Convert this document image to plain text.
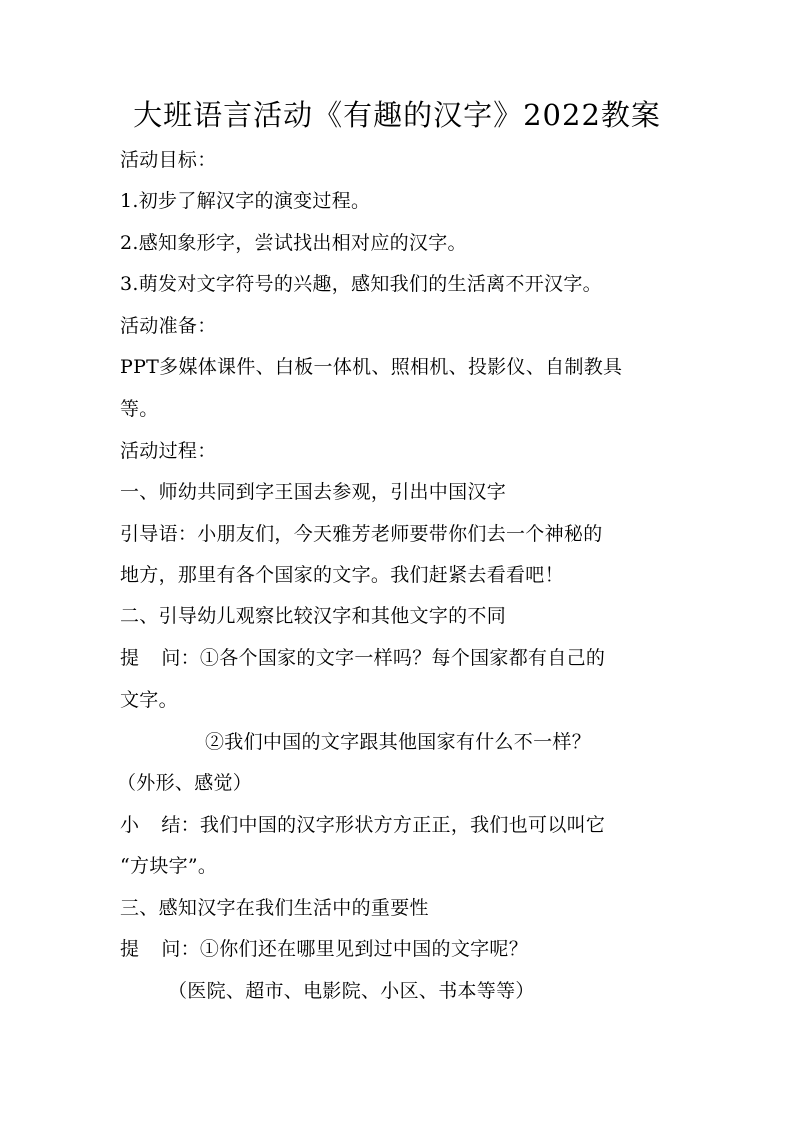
大班语言活动《有趣的汉字》2022教案
活动目标：
1.初步了解汉字的演变过程。
2.感知象形字，尝试找出相对应的汉字。
3.萌发对文字符号的兴趣，感知我们的生活离不开汉字。
活动准备：
PPT多媒体课件、白板一体机、照相机、投影仪、自制教具
等。
活动过程：
一、师幼共同到字王国去参观，引出中国汉字
引导语：小朋友们，今天雅芳老师要带你们去一个神秘的
地方，那里有各个国家的文字。我们赶紧去看看吧！
二、引导幼儿观察比较汉字和其他文字的不同
提 问：①各个国家的文字一样吗？每个国家都有自己的
文字。
②我们中国的文字跟其他国家有什么不一样？
（外形、感觉）
小 结：我们中国的汉字形状方方正正，我们也可以叫它
“方块字”。
三、感知汉字在我们生活中的重要性
提 问：①你们还在哪里见到过中国的文字呢？
（医院、超市、电影院、小区、书本等等）
